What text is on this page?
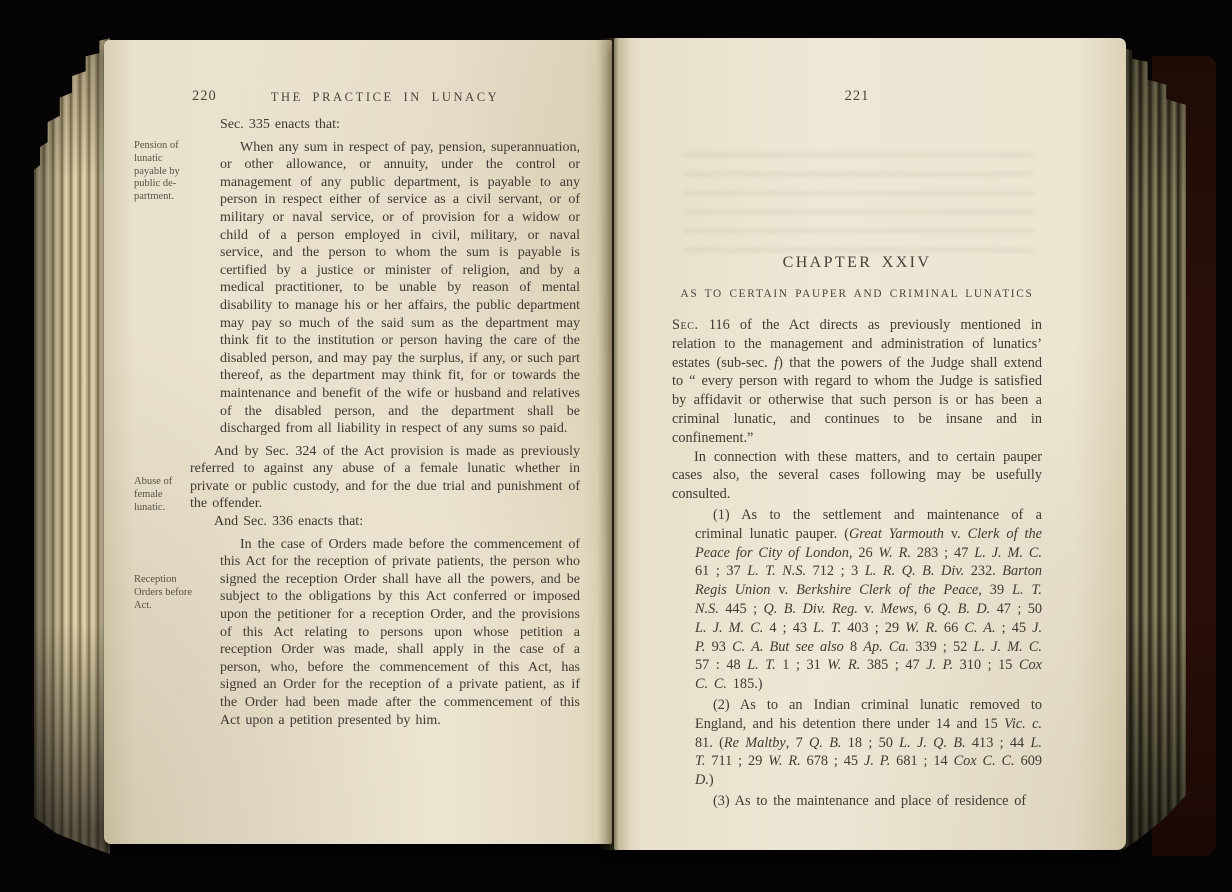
220	THE PRACTICE IN LUNACY
Pension of lunatic payable by public department.
Abuse of female lunatic.
Reception Orders before Act.

Sec. 335 enacts that:

When any sum in respect of pay, pension, superannuation, or other allowance, or annuity, under the control or management of any public department, is payable to any person in respect either of service as a civil servant, or of military or naval service, or of provision for a widow or child of a person employed in civil, military, or naval service, and the person to whom the sum is payable is certified by a justice or minister of religion, and by a medical practitioner, to be unable by reason of mental disability to manage his or her affairs, the public department may pay so much of the said sum as the department may think fit to the institution or person having the care of the disabled person, and may pay the surplus, if any, or such part thereof, as the department may think fit, for or towards the maintenance and benefit of the wife or husband and relatives of the disabled person, and the department shall be discharged from all liability in respect of any sums so paid.

And by Sec. 324 of the Act provision is made as previously referred to against any abuse of a female lunatic whether in private or public custody, and for the due trial and punishment of the offender.

And Sec. 336 enacts that:

In the case of Orders made before the commencement of this Act for the reception of private patients, the person who signed the reception Order shall have all the powers, and be subject to the obligations by this Act conferred or imposed upon the petitioner for a reception Order, and the provisions of this Act relating to persons upon whose petition a reception Order was made, shall apply in the case of a person, who, before the commencement of this Act, has signed an Order for the reception of a private patient, as if the Order had been made after the commencement of this Act upon a petition presented by him.

221
CHAPTER XXIV
AS TO CERTAIN PAUPER AND CRIMINAL LUNATICS

Sec. 116 of the Act directs as previously mentioned in relation to the management and administration of lunatics’ estates (sub-sec. f) that the powers of the Judge shall extend to “ every person with regard to whom the Judge is satisfied by affidavit or otherwise that such person is or has been a criminal lunatic, and continues to be insane and in confinement.”

In connection with these matters, and to certain pauper cases also, the several cases following may be usefully consulted.

(1) As to the settlement and maintenance of a criminal lunatic pauper. (Great Yarmouth v. Clerk of the Peace for City of London, 26 W. R. 283 ; 47 L. J. M. C. 61 ; 37 L. T. N.S. 712 ; 3 L. R. Q. B. Div. 232. Barton Regis Union v. Berkshire Clerk of the Peace, 39 L. T. N.S. 445 ; Q. B. Div. Reg. v. Mews, 6 Q. B. D. 47 ; 50 L. J. M. C. 4 ; 43 L. T. 403 ; 29 W. R. 66 C. A. ; 45 J. P. 93 C. A. But see also 8 Ap. Ca. 339 ; 52 L. J. M. C. 57 : 48 L. T. 1 ; 31 W. R. 385 ; 47 J. P. 310 ; 15 Cox C. C. 185.)

(2) As to an Indian criminal lunatic removed to England, and his detention there under 14 and 15 Vic. c. 81. (Re Maltby, 7 Q. B. 18 ; 50 L. J. Q. B. 413 ; 44 L. T. 711 ; 29 W. R. 678 ; 45 J. P. 681 ; 14 Cox C. C. 609 D.)

(3) As to the maintenance and place of residence of
